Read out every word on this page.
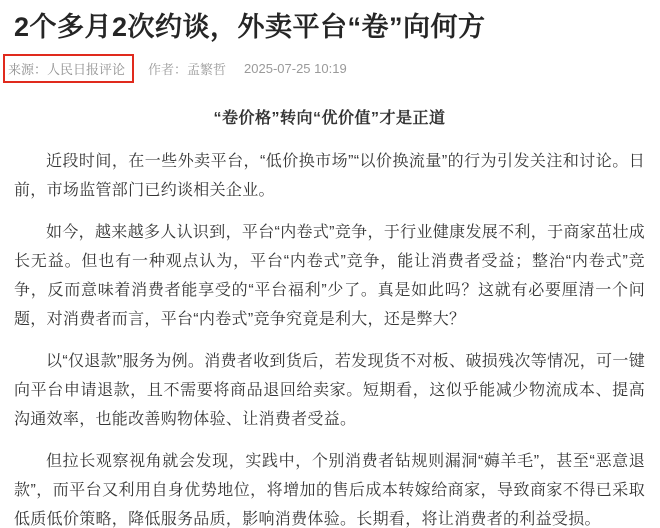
2个多月2次约谈，外卖平台“卷”向何方
来源：人民日报评论	作者：孟繁哲 2025-07-25 10:19
“卷价格”转向“优价值”才是正道

近段时间，在一些外卖平台，“低价换市场”“以价换流量”的行为引发关注和讨论。日前，市场监管部门已约谈相关企业。

如今，越来越多人认识到，平台“内卷式”竞争，于行业健康发展不利，于商家茁壮成长无益。但也有一种观点认为，平台“内卷式”竞争，能让消费者受益；整治“内卷式”竞争，反而意味着消费者能享受的“平台福利”少了。真是如此吗？这就有必要厘清一个问题，对消费者而言，平台“内卷式”竞争究竟是利大，还是弊大？

以“仅退款”服务为例。消费者收到货后，若发现货不对板、破损残次等情况，可一键向平台申请退款，且不需要将商品退回给卖家。短期看，这似乎能减少物流成本、提高沟通效率，也能改善购物体验、让消费者受益。

但拉长观察视角就会发现，实践中，个别消费者钻规则漏洞“薅羊毛”，甚至“恶意退款”，而平台又利用自身优势地位，将增加的售后成本转嫁给商家，导致商家不得已采取低质低价策略，降低服务品质，影响消费体验。长期看，将让消费者的利益受损。
